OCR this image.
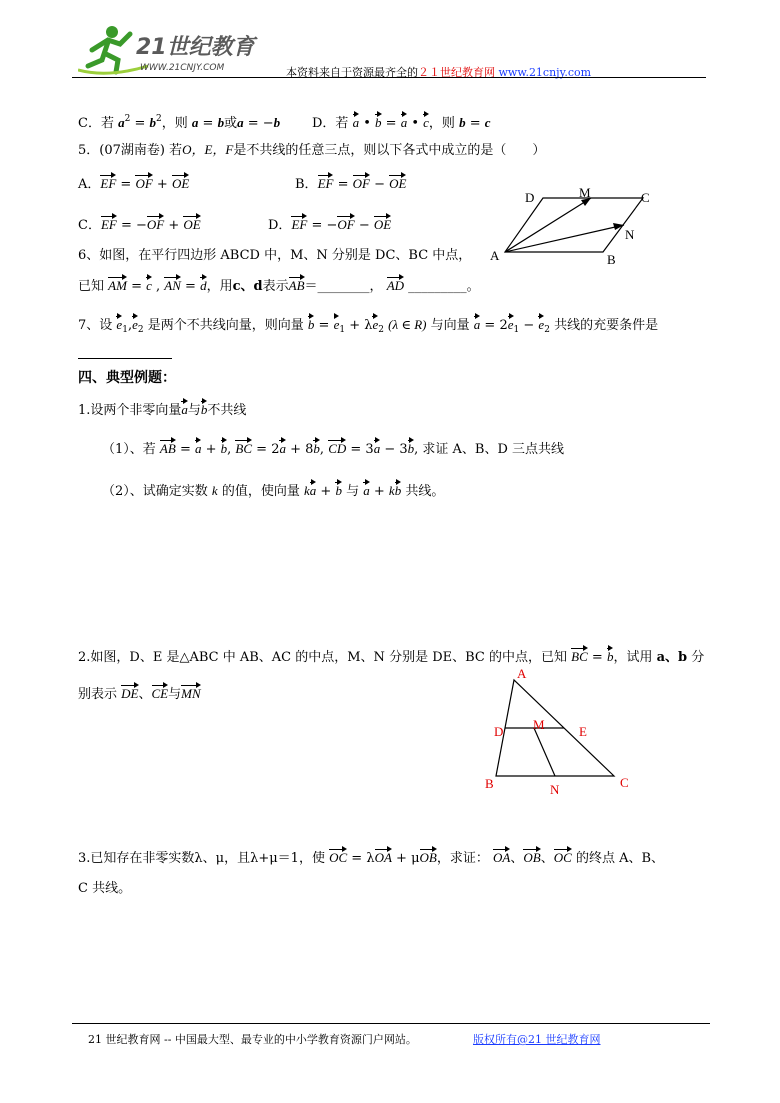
21世纪教育
WWW.21CNJY.COM	本资料来自于资源最齐全的２１世纪教育网 www.21cnjy.com
C．若 $a^2 = b^2$，则 a = b或a = −b D．若 a • b = a • c，则 b = c
5．(07湖南卷) 若O，E，F是不共线的任意三点，则以下各式中成立的是（　　）
A．EF = OF + OE	B．EF = OF − OE
C．EF = −OF + OE	D．EF = −OF − OE
D	M	C
N
A	B
6、如图，在平行四边形 ABCD 中，M、N 分别是 DC、BC 中点，
已知 AM = c , AN = d，用c、d表示AB＝________， AD _________。
7、设 $e_1,e_2$ 是两个不共线向量，则向量 $b = e_1 + \lambda e_2$ (λ ∈ R) 与向量 $a = 2e_1 - e_2$ 共线的充要条件是
四、典型例题：
1.设两个非零向量a与b不共线
（1）、若 AB = a + b, BC = 2a + 8b, CD = 3a − 3b, 求证 A、B、D 三点共线
（2）、试确定实数 k 的值，使向量 ka + b 与 a + kb 共线。
2.如图，D、E 是△ABC 中 AB、AC 的中点，M、N 分别是 DE、BC 的中点，已知 BC = b，试用 a、b 分
别表示 DE、CE与MN
A
D M	E
B	N	C
3.已知存在非零实数λ、μ，且λ+μ＝1，使 OC = λOA + μOB，求证： OA、OB、OC 的终点 A、B、
C 共线。
21 世纪教育网 -- 中国最大型、最专业的中小学教育资源门户网站。	版权所有@21 世纪教育网
